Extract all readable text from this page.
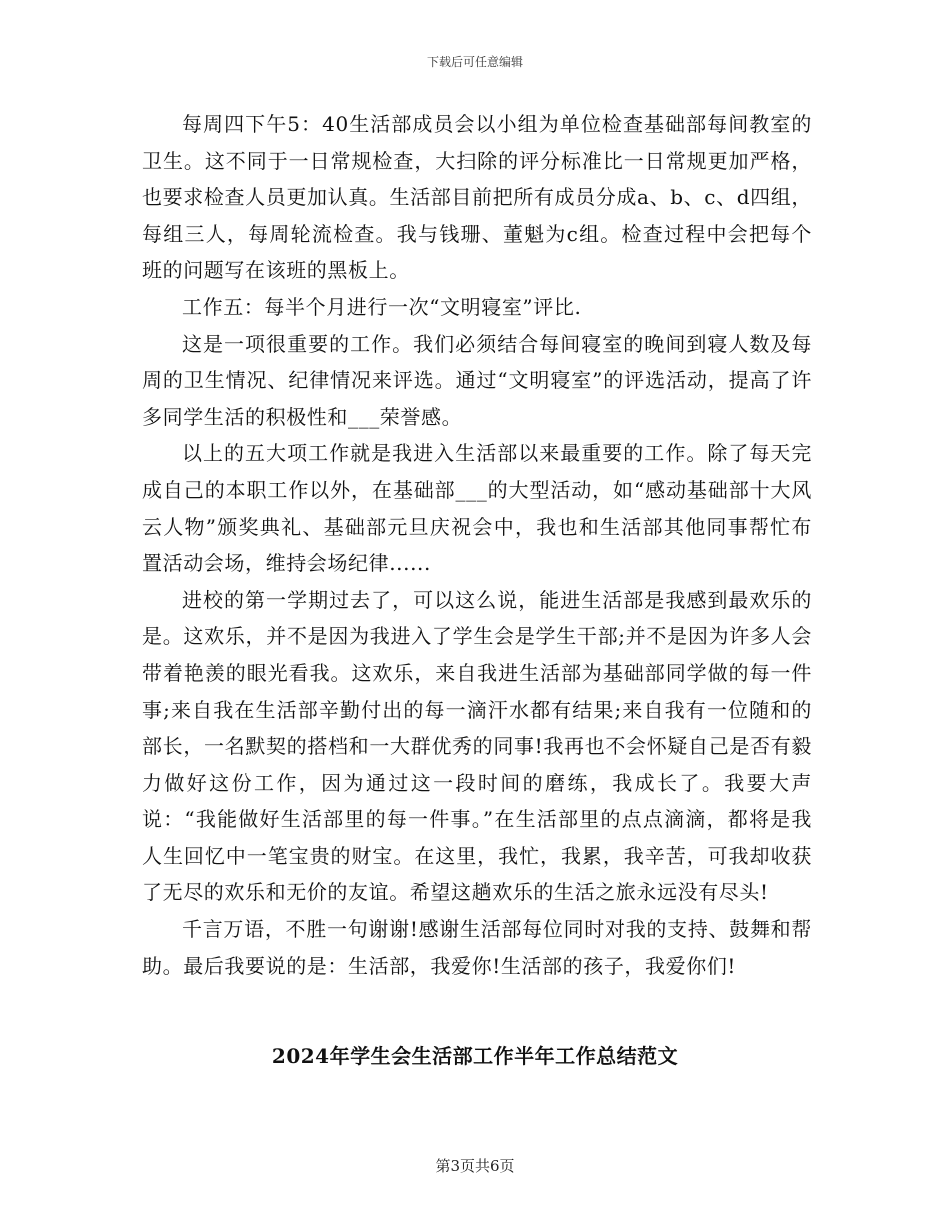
下载后可任意编辑

每周四下午5：40生活部成员会以小组为单位检查基础部每间教室的卫生。这不同于一日常规检查，大扫除的评分标准比一日常规更加严格，也要求检查人员更加认真。生活部目前把所有成员分成a、b、c、d四组，每组三人，每周轮流检查。我与钱珊、董魁为c组。检查过程中会把每个班的问题写在该班的黑板上。

工作五：每半个月进行一次“文明寝室”评比.

这是一项很重要的工作。我们必须结合每间寝室的晚间到寝人数及每周的卫生情况、纪律情况来评选。通过“文明寝室”的评选活动，提高了许多同学生活的积极性和___荣誉感。

以上的五大项工作就是我进入生活部以来最重要的工作。除了每天完成自己的本职工作以外，在基础部___的大型活动，如“感动基础部十大风云人物”颁奖典礼、基础部元旦庆祝会中，我也和生活部其他同事帮忙布置活动会场，维持会场纪律......

进校的第一学期过去了，可以这么说，能进生活部是我感到最欢乐的是。这欢乐，并不是因为我进入了学生会是学生干部;并不是因为许多人会带着艳羡的眼光看我。这欢乐，来自我进生活部为基础部同学做的每一件事;来自我在生活部辛勤付出的每一滴汗水都有结果;来自我有一位随和的部长，一名默契的搭档和一大群优秀的同事!我再也不会怀疑自己是否有毅力做好这份工作，因为通过这一段时间的磨练，我成长了。我要大声说：“我能做好生活部里的每一件事。”在生活部里的点点滴滴，都将是我人生回忆中一笔宝贵的财宝。在这里，我忙，我累，我辛苦，可我却收获了无尽的欢乐和无价的友谊。希望这趟欢乐的生活之旅永远没有尽头!

千言万语，不胜一句谢谢!感谢生活部每位同时对我的支持、鼓舞和帮助。最后我要说的是：生活部，我爱你!生活部的孩子，我爱你们!

2024年学生会生活部工作半年工作总结范文
第3页共6页
